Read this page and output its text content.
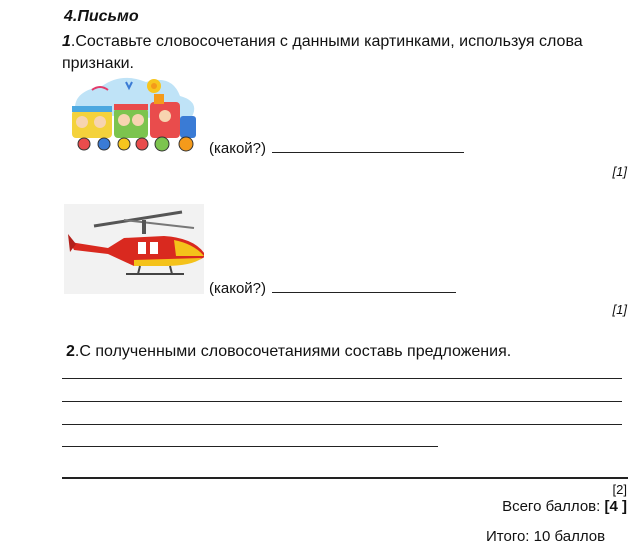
4.Письмо
1.Составьте словосочетания с данными картинками, используя слова признаки.
(какой?)
[1]
(какой?)
[1]
2.С полученными словосочетаниями составь предложения.
[2]
Всего баллов: [4 ]
Итого: 10 баллов
